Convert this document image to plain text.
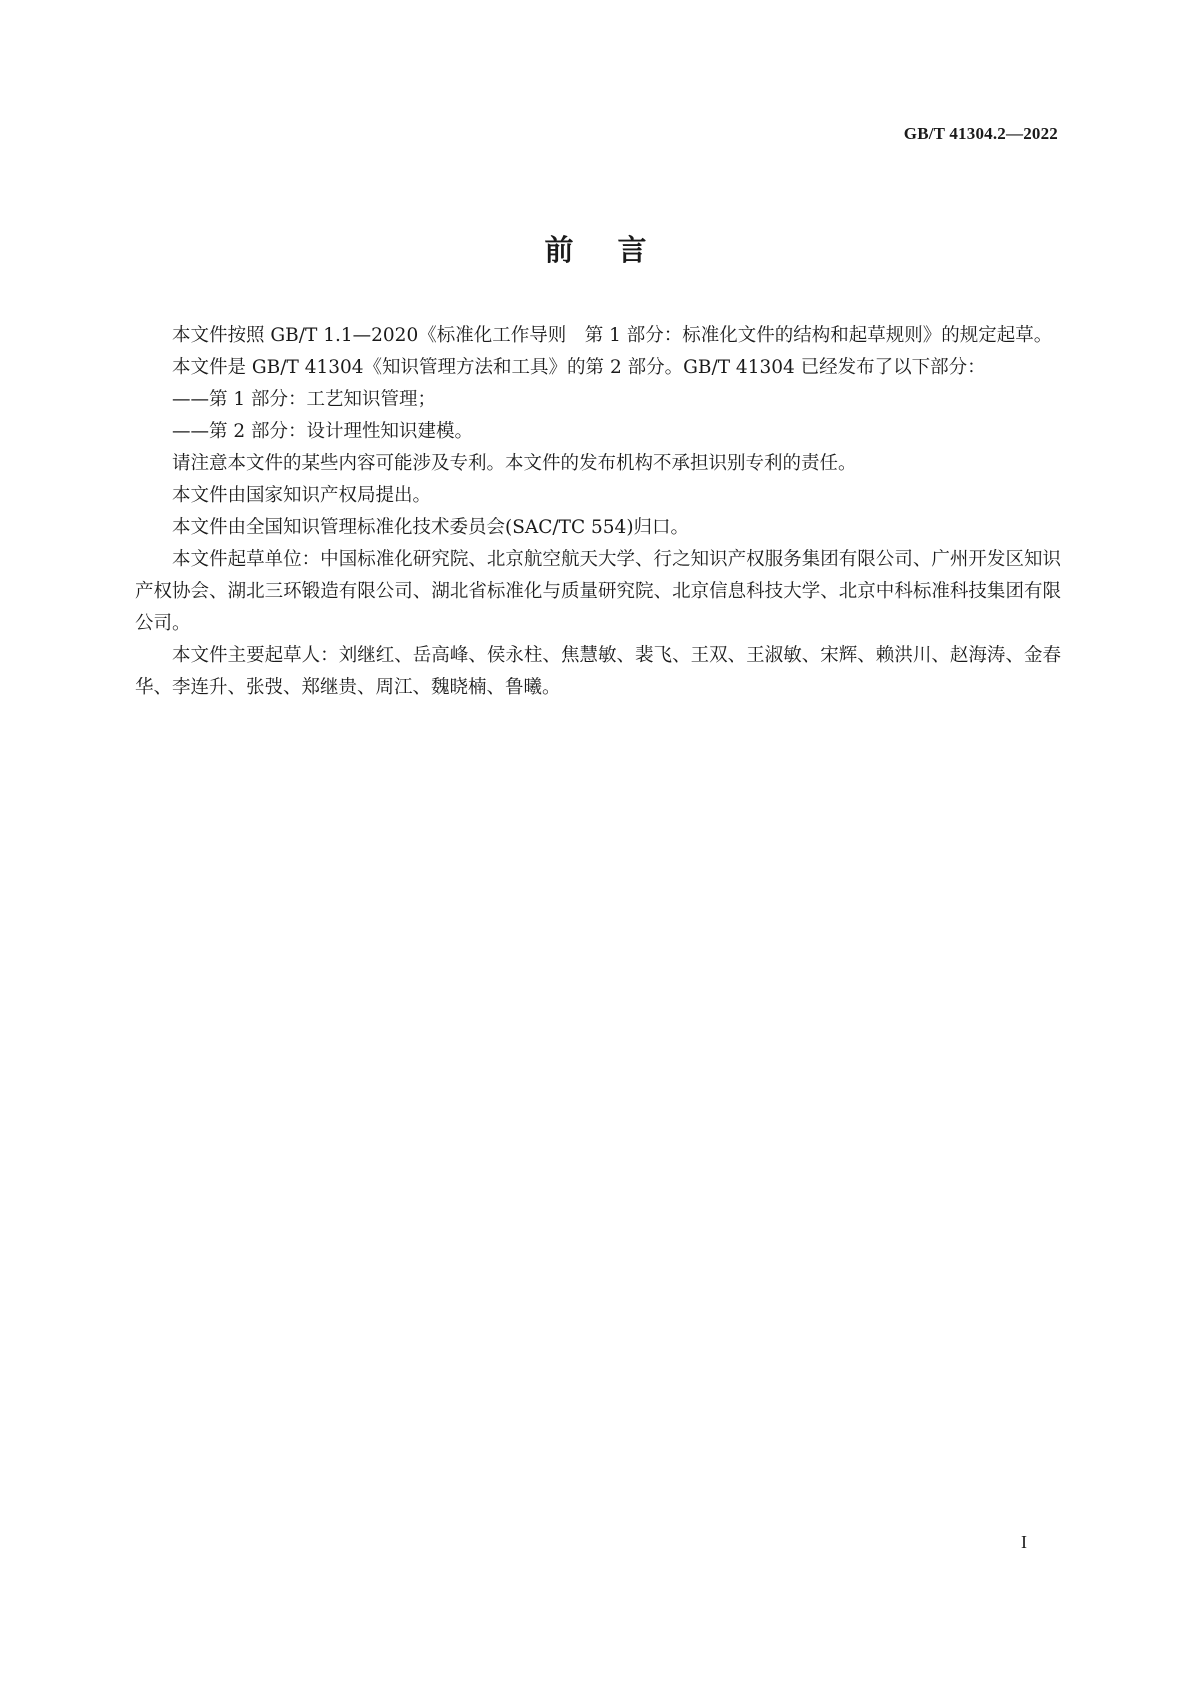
GB/T 41304.2—2022
前言

本文件按照 GB/T 1.1—2020《标准化工作导则　第 1 部分：标准化文件的结构和起草规则》的规定起草。

本文件是 GB/T 41304《知识管理方法和工具》的第 2 部分。GB/T 41304 已经发布了以下部分：

——第 1 部分：工艺知识管理；

——第 2 部分：设计理性知识建模。

请注意本文件的某些内容可能涉及专利。本文件的发布机构不承担识别专利的责任。

本文件由国家知识产权局提出。

本文件由全国知识管理标准化技术委员会(SAC/TC 554)归口。

本文件起草单位：中国标准化研究院、北京航空航天大学、行之知识产权服务集团有限公司、广州开发区知识产权协会、湖北三环锻造有限公司、湖北省标准化与质量研究院、北京信息科技大学、北京中科标准科技集团有限公司。

本文件主要起草人：刘继红、岳高峰、侯永柱、焦慧敏、裴飞、王双、王淑敏、宋辉、赖洪川、赵海涛、金春华、李连升、张弢、郑继贵、周江、魏晓楠、鲁曦。

I
